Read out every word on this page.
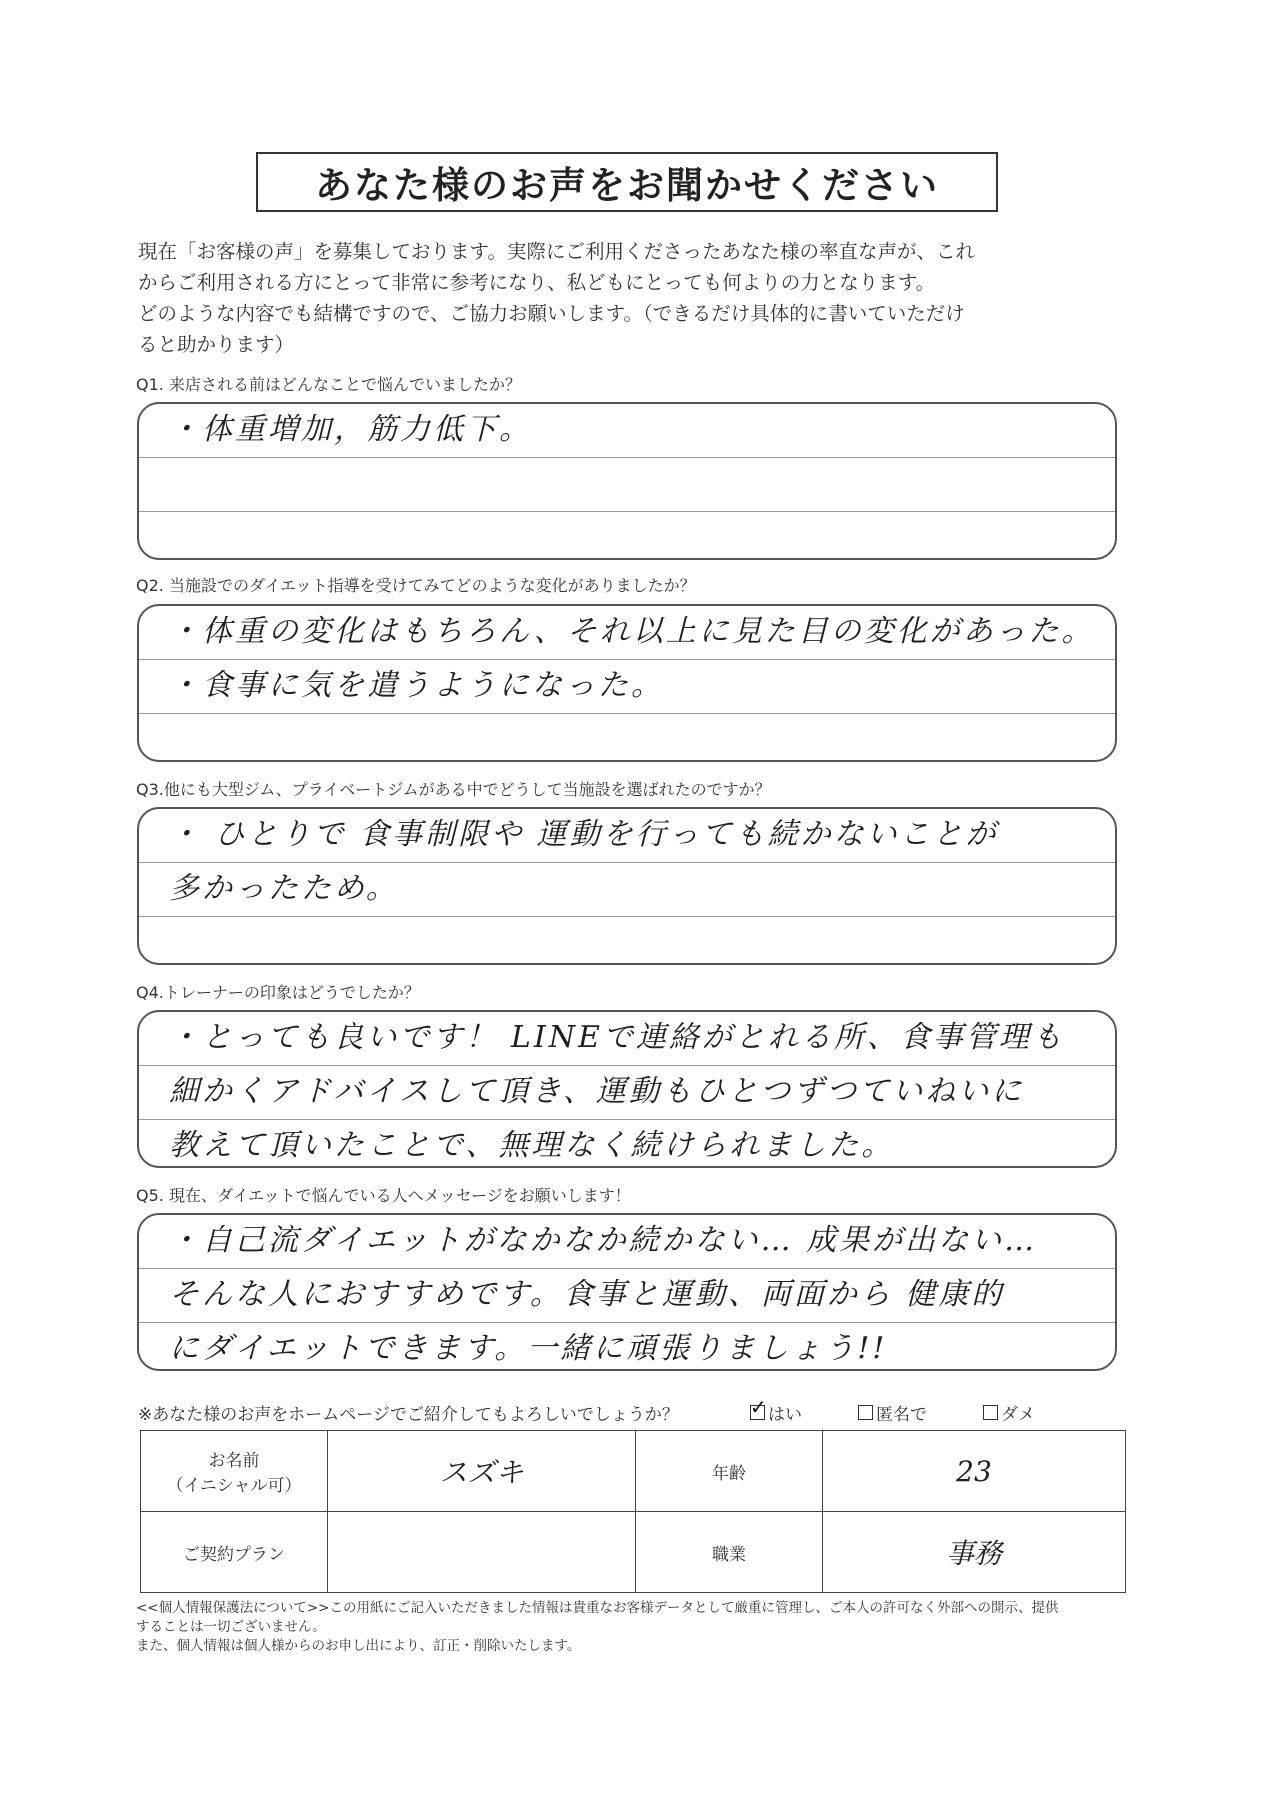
あなた様のお声をお聞かせください

現在「お客様の声」を募集しております。実際にご利用くださったあなた様の率直な声が、これ

からご利用される方にとって非常に参考になり、私どもにとっても何よりの力となります。

どのような内容でも結構ですので、ご協力お願いします。（できるだけ具体的に書いていただけ

ると助かります）

Q1. 来店される前はどんなことで悩んでいましたか？
・体重増加，筋力低下。
Q2. 当施設でのダイエット指導を受けてみてどのような変化がありましたか？
・体重の変化はもちろん、それ以上に見た目の変化があった。
・食事に気を遣うようになった。
Q3.他にも大型ジム、プライベートジムがある中でどうして当施設を選ばれたのですか？
・ ひとりで 食事制限や 運動を行っても続かないことが
多かったため。
Q4.トレーナーの印象はどうでしたか？
・とっても良いです！ LINEで連絡がとれる所、食事管理も
細かくアドバイスして頂き、運動もひとつずつていねいに
教えて頂いたことで、無理なく続けられました。
Q5. 現在、ダイエットで悩んでいる人へメッセージをお願いします！
・自己流ダイエットがなかなか続かない… 成果が出ない…
そんな人におすすめです。食事と運動、両面から 健康的
にダイエットできます。一緒に頑張りましょう!!
※あなた様のお声をホームページでご紹介してもよろしいでしょうか？	✓ はい	匿名で	ダメ
お名前
（イニシャル可）	スズキ	年齢	23
ご契約プラン		職業	事務

<<個人情報保護法について>>この用紙にご記入いただきました情報は貴重なお客様データとして厳重に管理し、ご本人の許可なく外部への開示、提供

することは一切ございません。

また、個人情報は個人様からのお申し出により、訂正・削除いたします。
